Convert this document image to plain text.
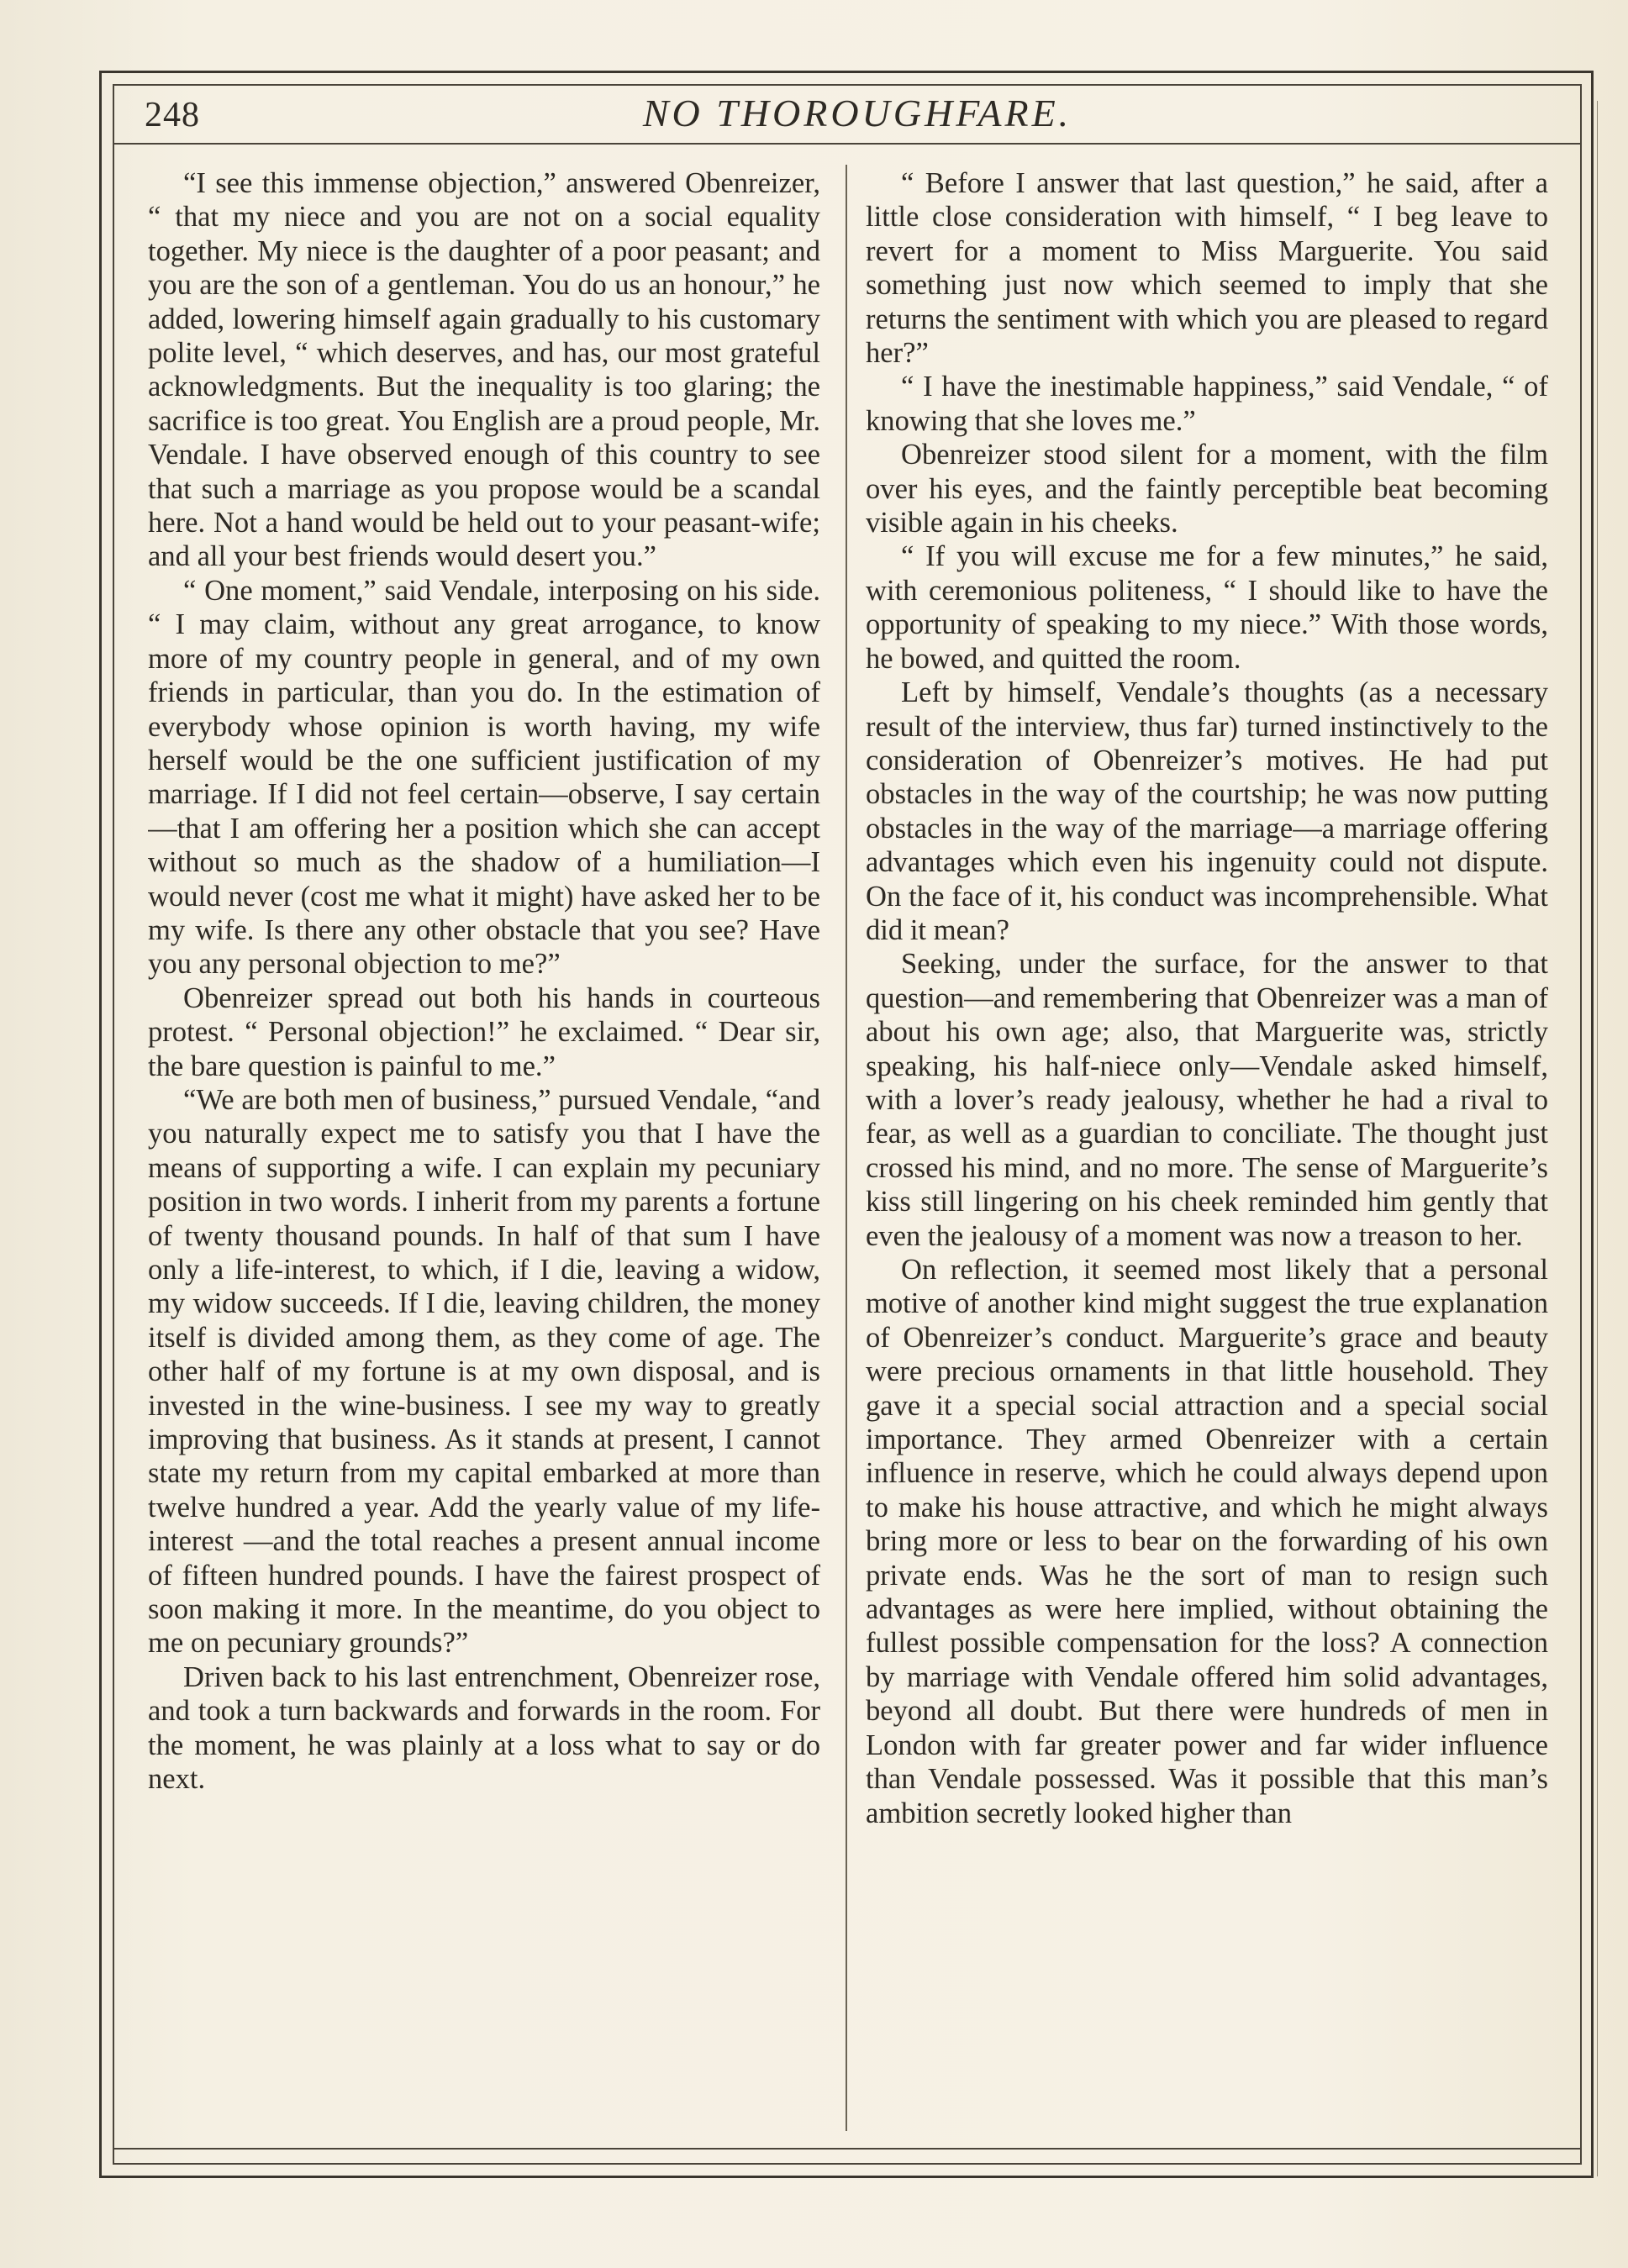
248	NO THOROUGHFARE.

“I see this immense objection,” answered Obenreizer, “ that my niece and you are not on a social equality together. My niece is the daughter of a poor peasant; and you are the son of a gentleman. You do us an honour,” he added, lowering himself again gradually to his customary polite level, “ which deserves, and has, our most grateful acknowledgments. But the inequality is too glaring; the sacrifice is too great. You English are a proud people, Mr. Vendale. I have observed enough of this country to see that such a marriage as you propose would be a scandal here. Not a hand would be held out to your peasant-wife; and all your best friends would desert you.”

“ One moment,” said Vendale, interposing on his side. “ I may claim, without any great arrogance, to know more of my country people in general, and of my own friends in particular, than you do. In the estimation of everybody whose opinion is worth having, my wife herself would be the one sufficient justification of my marriage. If I did not feel certain—observe, I say certain—that I am offering her a position which she can accept without so much as the shadow of a humiliation—I would never (cost me what it might) have asked her to be my wife. Is there any other obstacle that you see? Have you any personal objection to me?”

Obenreizer spread out both his hands in courteous protest. “ Personal objection!” he exclaimed. “ Dear sir, the bare question is painful to me.”

“We are both men of business,” pursued Vendale, “and you naturally expect me to satisfy you that I have the means of supporting a wife. I can explain my pecuniary position in two words. I inherit from my parents a fortune of twenty thousand pounds. In half of that sum I have only a life-interest, to which, if I die, leaving a widow, my widow succeeds. If I die, leaving children, the money itself is divided among them, as they come of age. The other half of my fortune is at my own disposal, and is invested in the wine-business. I see my way to greatly improving that business. As it stands at present, I cannot state my return from my capital embarked at more than twelve hundred a year. Add the yearly value of my life-interest —and the total reaches a present annual income of fifteen hundred pounds. I have the fairest prospect of soon making it more. In the meantime, do you object to me on pecuniary grounds?”

Driven back to his last entrenchment, Obenreizer rose, and took a turn backwards and forwards in the room. For the moment, he was plainly at a loss what to say or do next.

“ Before I answer that last question,” he said, after a little close consideration with himself, “ I beg leave to revert for a moment to Miss Marguerite. You said something just now which seemed to imply that she returns the sentiment with which you are pleased to regard her?”

“ I have the inestimable happiness,” said Vendale, “ of knowing that she loves me.”

Obenreizer stood silent for a moment, with the film over his eyes, and the faintly perceptible beat becoming visible again in his cheeks.

“ If you will excuse me for a few minutes,” he said, with ceremonious politeness, “ I should like to have the opportunity of speaking to my niece.” With those words, he bowed, and quitted the room.

Left by himself, Vendale’s thoughts (as a necessary result of the interview, thus far) turned instinctively to the consideration of Obenreizer’s motives. He had put obstacles in the way of the courtship; he was now putting obstacles in the way of the marriage—a marriage offering advantages which even his ingenuity could not dispute. On the face of it, his conduct was incomprehensible. What did it mean?

Seeking, under the surface, for the answer to that question—and remembering that Obenreizer was a man of about his own age; also, that Marguerite was, strictly speaking, his half-niece only—Vendale asked himself, with a lover’s ready jealousy, whether he had a rival to fear, as well as a guardian to conciliate. The thought just crossed his mind, and no more. The sense of Marguerite’s kiss still lingering on his cheek reminded him gently that even the jealousy of a moment was now a treason to her.

On reflection, it seemed most likely that a personal motive of another kind might suggest the true explanation of Obenreizer’s conduct. Marguerite’s grace and beauty were precious ornaments in that little household. They gave it a special social attraction and a special social importance. They armed Obenreizer with a certain influence in reserve, which he could always depend upon to make his house attractive, and which he might always bring more or less to bear on the forwarding of his own private ends. Was he the sort of man to resign such advantages as were here implied, without obtaining the fullest possible compensation for the loss? A connection by marriage with Vendale offered him solid advantages, beyond all doubt. But there were hundreds of men in London with far greater power and far wider influence than Vendale possessed. Was it possible that this man’s ambition secretly looked higher than
